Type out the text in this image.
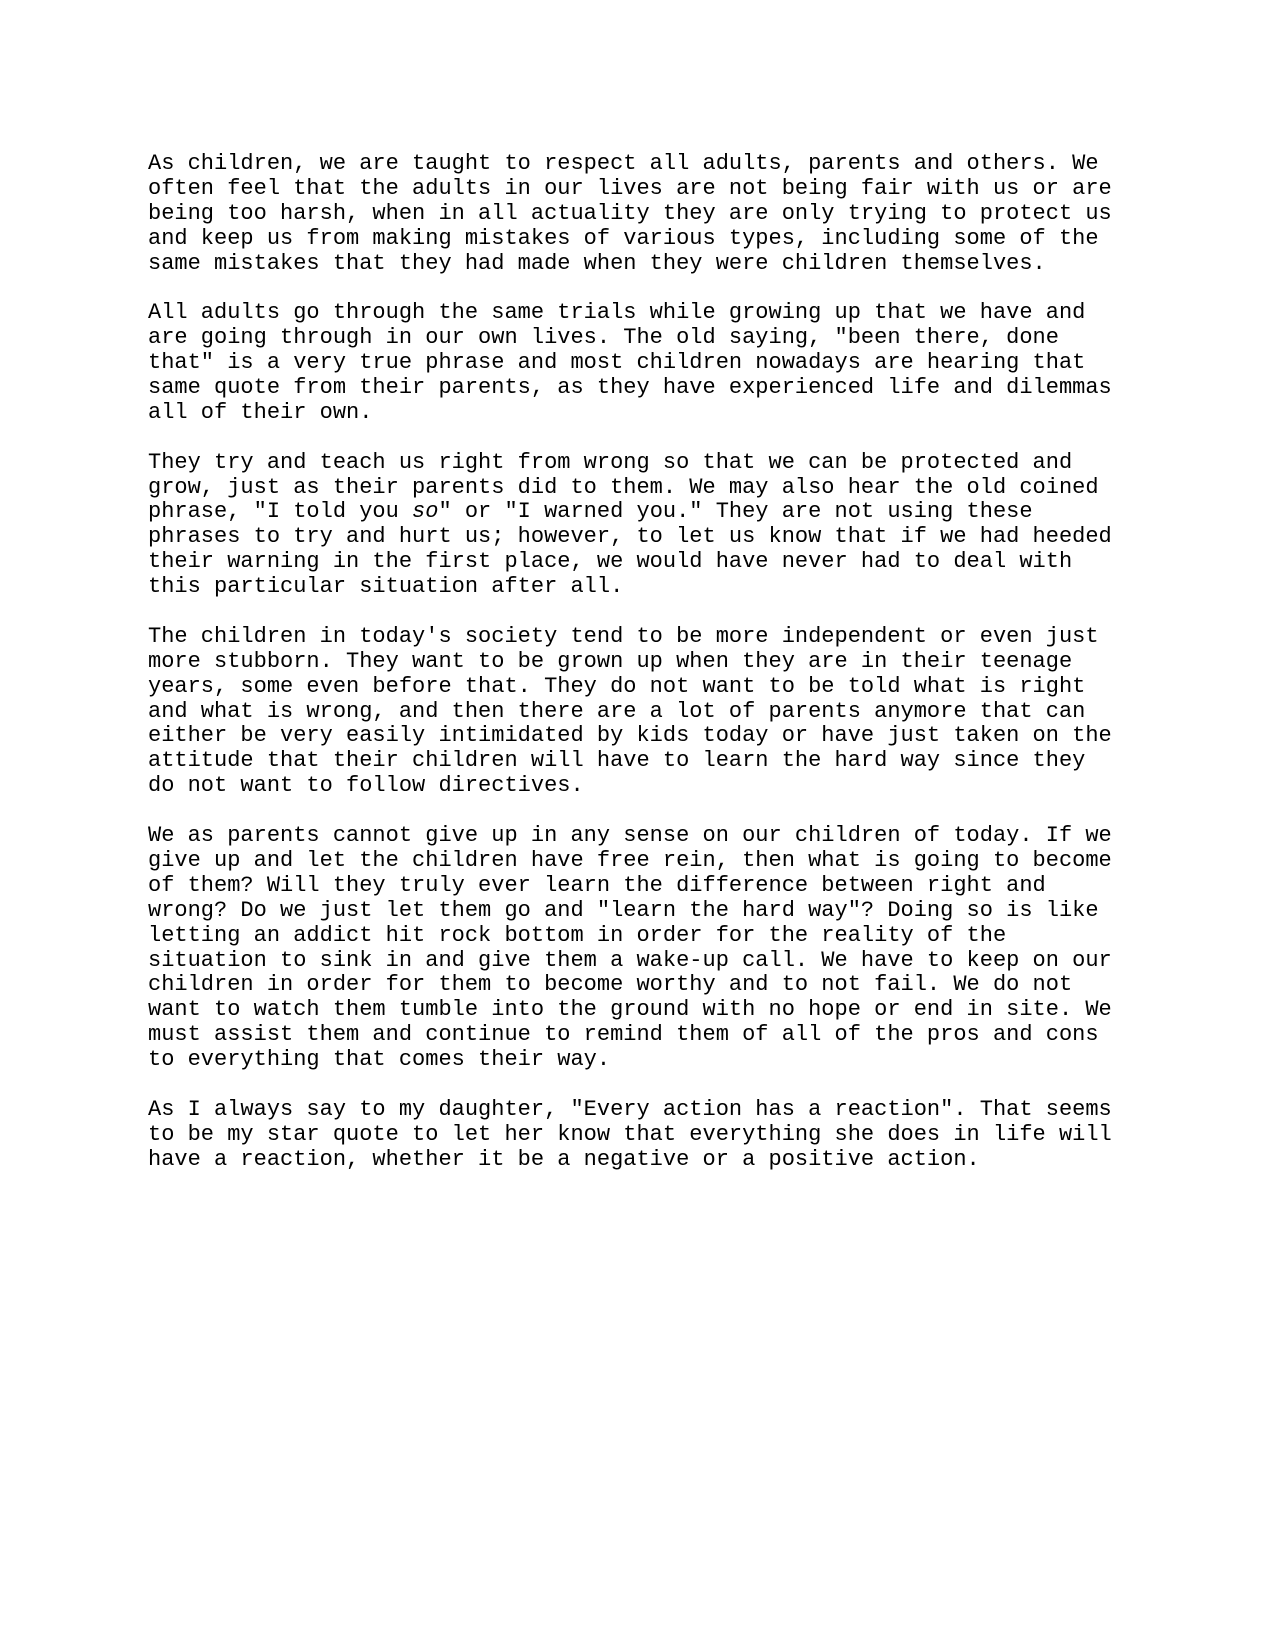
As children, we are taught to respect all adults, parents and others. We
often feel that the adults in our lives are not being fair with us or are
being too harsh, when in all actuality they are only trying to protect us
and keep us from making mistakes of various types, including some of the
same mistakes that they had made when they were children themselves.
All adults go through the same trials while growing up that we have and
are going through in our own lives. The old saying, "been there, done
that" is a very true phrase and most children nowadays are hearing that
same quote from their parents, as they have experienced life and dilemmas
all of their own.
They try and teach us right from wrong so that we can be protected and
grow, just as their parents did to them. We may also hear the old coined
phrase, "I told you so" or "I warned you." They are not using these
phrases to try and hurt us; however, to let us know that if we had heeded
their warning in the first place, we would have never had to deal with
this particular situation after all.
The children in today's society tend to be more independent or even just
more stubborn. They want to be grown up when they are in their teenage
years, some even before that. They do not want to be told what is right
and what is wrong, and then there are a lot of parents anymore that can
either be very easily intimidated by kids today or have just taken on the
attitude that their children will have to learn the hard way since they
do not want to follow directives.
We as parents cannot give up in any sense on our children of today. If we
give up and let the children have free rein, then what is going to become
of them? Will they truly ever learn the difference between right and
wrong? Do we just let them go and "learn the hard way"? Doing so is like
letting an addict hit rock bottom in order for the reality of the
situation to sink in and give them a wake-up call. We have to keep on our
children in order for them to become worthy and to not fail. We do not
want to watch them tumble into the ground with no hope or end in site. We
must assist them and continue to remind them of all of the pros and cons
to everything that comes their way.
As I always say to my daughter, "Every action has a reaction". That seems
to be my star quote to let her know that everything she does in life will
have a reaction, whether it be a negative or a positive action.
